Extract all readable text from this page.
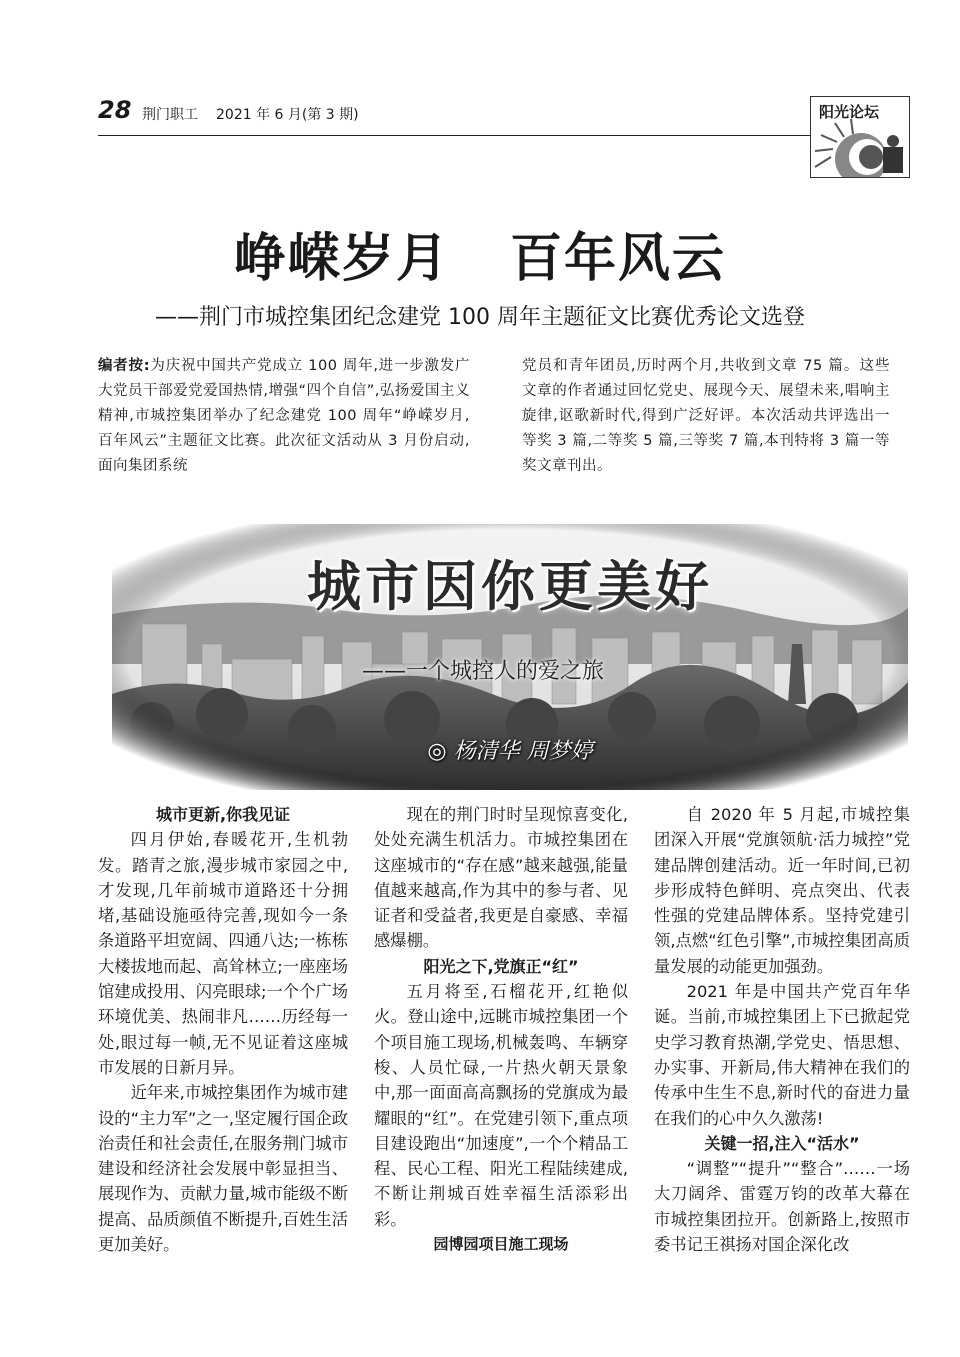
28 荆门职工 2021 年 6 月(第 3 期)	阳光论坛
峥嵘岁月 百年风云
——荆门市城控集团纪念建党 100 周年主题征文比赛优秀论文选登
编者按:为庆祝中国共产党成立 100 周年,进一步激发广大党员干部爱党爱国热情,增强“四个自信”,弘扬爱国主义精神,市城控集团举办了纪念建党 100 周年“峥嵘岁月,百年风云”主题征文比赛。此次征文活动从 3 月份启动,面向集团系统
党员和青年团员,历时两个月,共收到文章 75 篇。这些文章的作者通过回忆党史、展现今天、展望未来,唱响主旋律,讴歌新时代,得到广泛好评。本次活动共评选出一等奖 3 篇,二等奖 5 篇,三等奖 7 篇,本刊特将 3 篇一等奖文章刊出。
城市因你更美好
——一个城控人的爱之旅
◎ 杨清华 周梦婷
城市更新,你我见证

四月伊始,春暖花开,生机勃发。踏青之旅,漫步城市家园之中,才发现,几年前城市道路还十分拥堵,基础设施亟待完善,现如今一条条道路平坦宽阔、四通八达;一栋栋大楼拔地而起、高耸林立;一座座场馆建成投用、闪亮眼球;一个个广场环境优美、热闹非凡……历经每一处,眼过每一帧,无不见证着这座城市发展的日新月异。

近年来,市城控集团作为城市建设的“主力军”之一,坚定履行国企政治责任和社会责任,在服务荆门城市建设和经济社会发展中彰显担当、展现作为、贡献力量,城市能级不断提高、品质颜值不断提升,百姓生活更加美好。

现在的荆门时时呈现惊喜变化,处处充满生机活力。市城控集团在这座城市的“存在感”越来越强,能量值越来越高,作为其中的参与者、见证者和受益者,我更是自豪感、幸福感爆棚。

阳光之下,党旗正“红”

五月将至,石榴花开,红艳似火。登山途中,远眺市城控集团一个个项目施工现场,机械轰鸣、车辆穿梭、人员忙碌,一片热火朝天景象中,那一面面高高飘扬的党旗成为最耀眼的“红”。在党建引领下,重点项目建设跑出“加速度”,一个个精品工程、民心工程、阳光工程陆续建成,不断让荆城百姓幸福生活添彩出彩。

园博园项目施工现场

自 2020 年 5 月起,市城控集团深入开展“党旗领航·活力城控”党建品牌创建活动。近一年时间,已初步形成特色鲜明、亮点突出、代表性强的党建品牌体系。坚持党建引领,点燃“红色引擎”,市城控集团高质量发展的动能更加强劲。

2021 年是中国共产党百年华诞。当前,市城控集团上下已掀起党史学习教育热潮,学党史、悟思想、办实事、开新局,伟大精神在我们的传承中生生不息,新时代的奋进力量在我们的心中久久激荡!

关键一招,注入“活水”

“调整”“提升”“整合”……一场大刀阔斧、雷霆万钧的改革大幕在市城控集团拉开。创新路上,按照市委书记王祺扬对国企深化改
